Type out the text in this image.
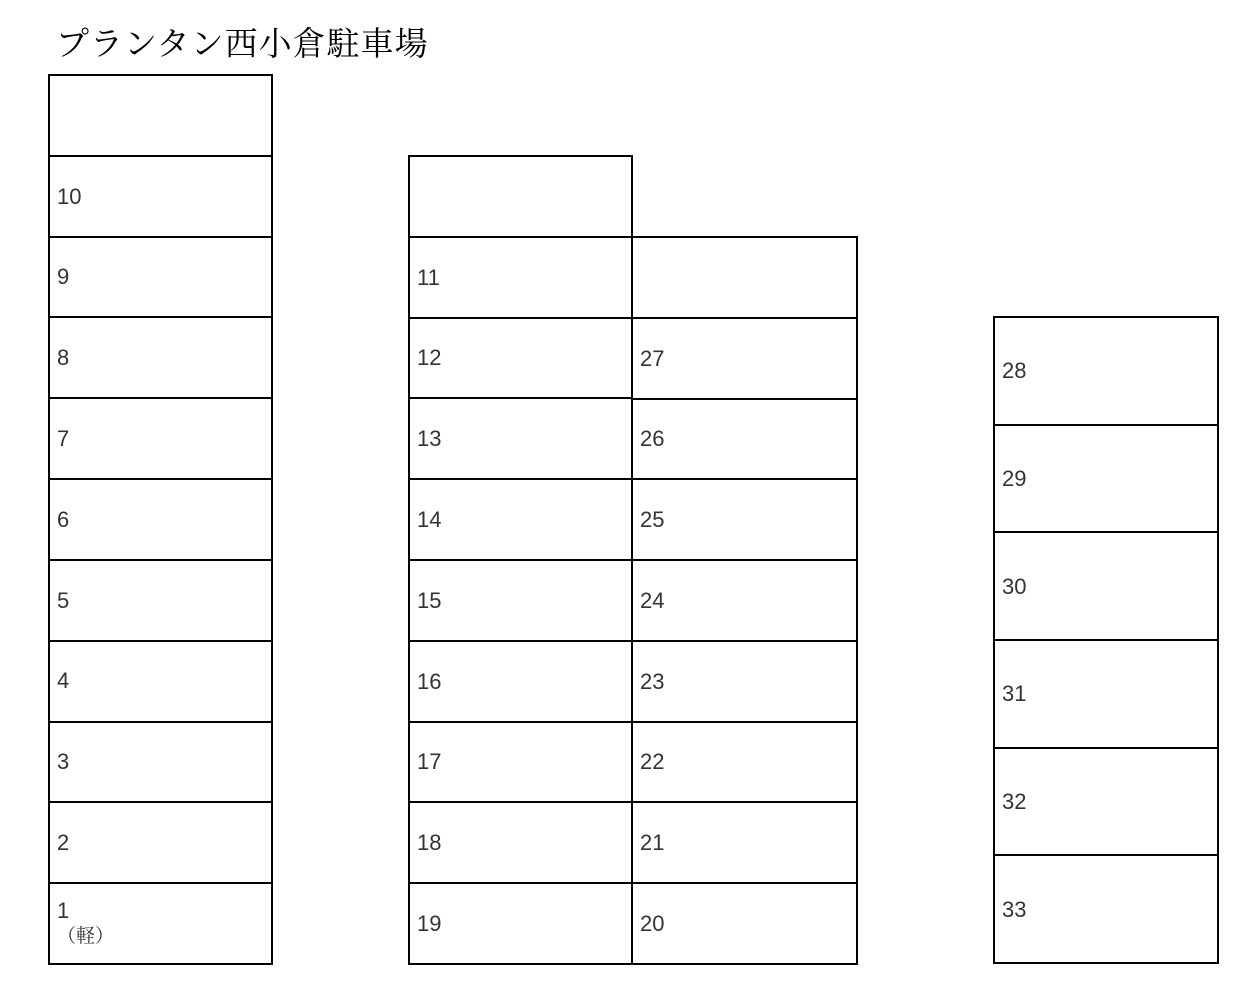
プランタン西小倉駐車場
10
9
8
7
6
5
4
3
2
1
（軽）
11
12
13
14
15
16
17
18
19
27
26
25
24
23
22
21
20
28
29
30
31
32
33
